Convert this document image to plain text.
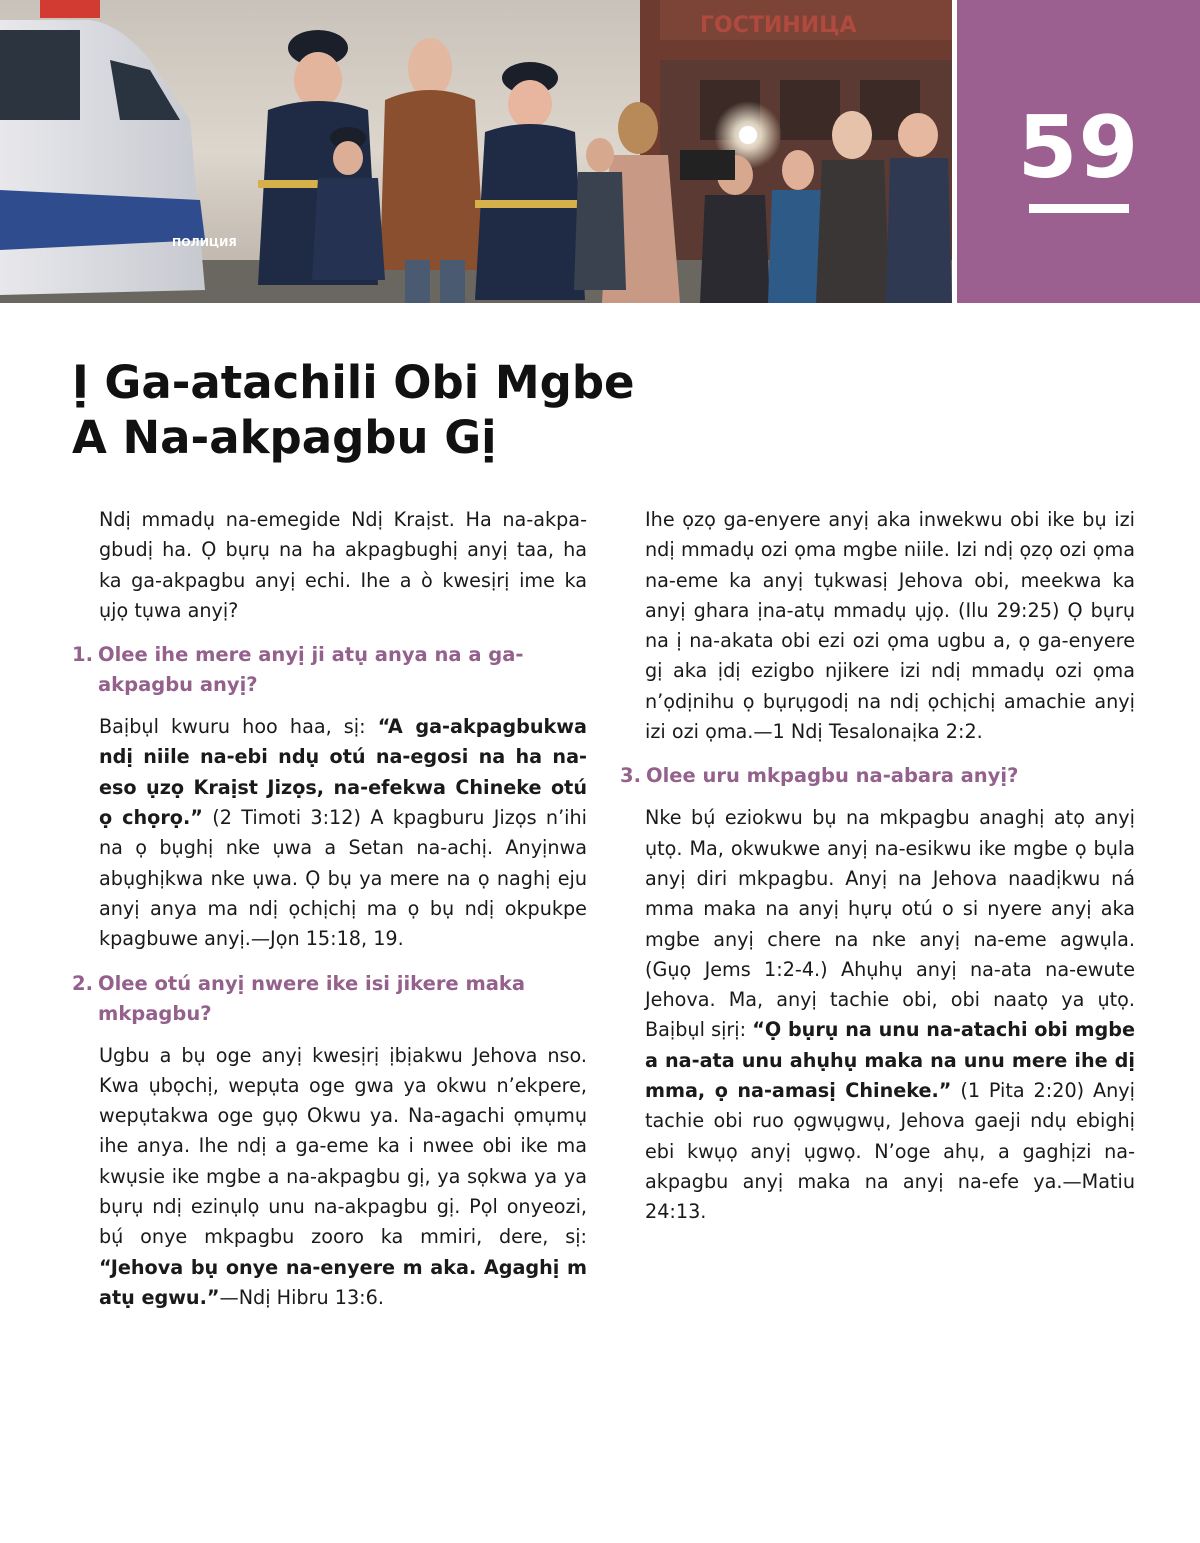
ГОСТИНИЦА
ПОЛИЦИЯ
59
Ị Ga-atachili Obi Mgbe
A Na-akpagbu Gị

Ndị mmadụ na-emegide Ndị Kraịst. Ha na-akpagbudị ha. Ọ bụrụ na ha akpagbughị anyị taa, ha ka ga-akpagbu anyị echi. Ihe a ò kwesịrị ime ka ụjọ tụwa anyị?

1. Olee ihe mere anyị ji atụ anya na a ga-akpagbu anyị?

Baịbụl kwuru hoo haa, sị: “A ga-akpagbukwa ndị niile na-ebi ndụ otú na-egosi na ha na-eso ụzọ Kraịst Jizọs, na-efekwa Chineke otú ọ chọrọ.” (2 Timoti 3:12) A kpagburu Jizọs n’ihi na ọ bụghị nke ụwa a Setan na-achị. Anyịnwa abụghịkwa nke ụwa. Ọ bụ ya mere na ọ naghị eju anyị anya ma ndị ọchịchị ma ọ bụ ndị okpukpe kpagbuwe anyị.—Jọn 15:18, 19.

2. Olee otú anyị nwere ike isi jikere maka mkpagbu?

Ugbu a bụ oge anyị kwesịrị ịbịakwu Jehova nso. Kwa ụbọchị, wepụta oge gwa ya okwu n’ekpere, wepụtakwa oge gụọ Okwu ya. Na-agachi ọmụmụ ihe anya. Ihe ndị a ga-eme ka i nwee obi ike ma kwụsie ike mgbe a na-akpagbu gị, ya sọkwa ya ya bụrụ ndị ezinụlọ unu na-akpagbu gị. Pọl onyeozi, bụ́ onye mkpagbu zooro ka mmiri, dere, sị: “Jehova bụ onye na-enyere m aka. Agaghị m atụ egwu.”—Ndị Hibru 13:6.

Ihe ọzọ ga-enyere anyị aka inwekwu obi ike bụ izi ndị mmadụ ozi ọma mgbe niile. Izi ndị ọzọ ozi ọma na-eme ka anyị tụkwasị Jehova obi, meekwa ka anyị ghara ịna-atụ mmadụ ụjọ. (Ilu 29:25) Ọ bụrụ na ị na-akata obi ezi ozi ọma ugbu a, ọ ga-enyere gị aka ịdị ezigbo njikere izi ndị mmadụ ozi ọma n’ọdịnihu ọ bụrụgodị na ndị ọchịchị amachie anyị izi ozi ọma.—1 Ndị Tesalonaịka 2:2.

3. Olee uru mkpagbu na-abara anyị?

Nke bụ́ eziokwu bụ na mkpagbu anaghị atọ anyị ụtọ. Ma, okwukwe anyị na-esikwu ike mgbe ọ bụla anyị diri mkpagbu. Anyị na Jehova naadịkwu ná mma maka na anyị hụrụ otú o si nyere anyị aka mgbe anyị chere na nke anyị na-eme agwụla. (Gụọ Jems 1:2-4.) Ahụhụ anyị na-ata na-ewute Jehova. Ma, anyị tachie obi, obi naatọ ya ụtọ. Baịbụl sịrị: “Ọ bụrụ na unu na-atachi obi mgbe a na-ata unu ahụhụ maka na unu mere ihe dị mma, ọ na-amasị Chineke.” (1 Pita 2:20) Anyị tachie obi ruo ọgwụgwụ, Jehova gaeji ndụ ebighị ebi kwụọ anyị ụgwọ. N’oge ahụ, a gaghịzi na-akpagbu anyị maka na anyị na-efe ya.—Matiu 24:13.
